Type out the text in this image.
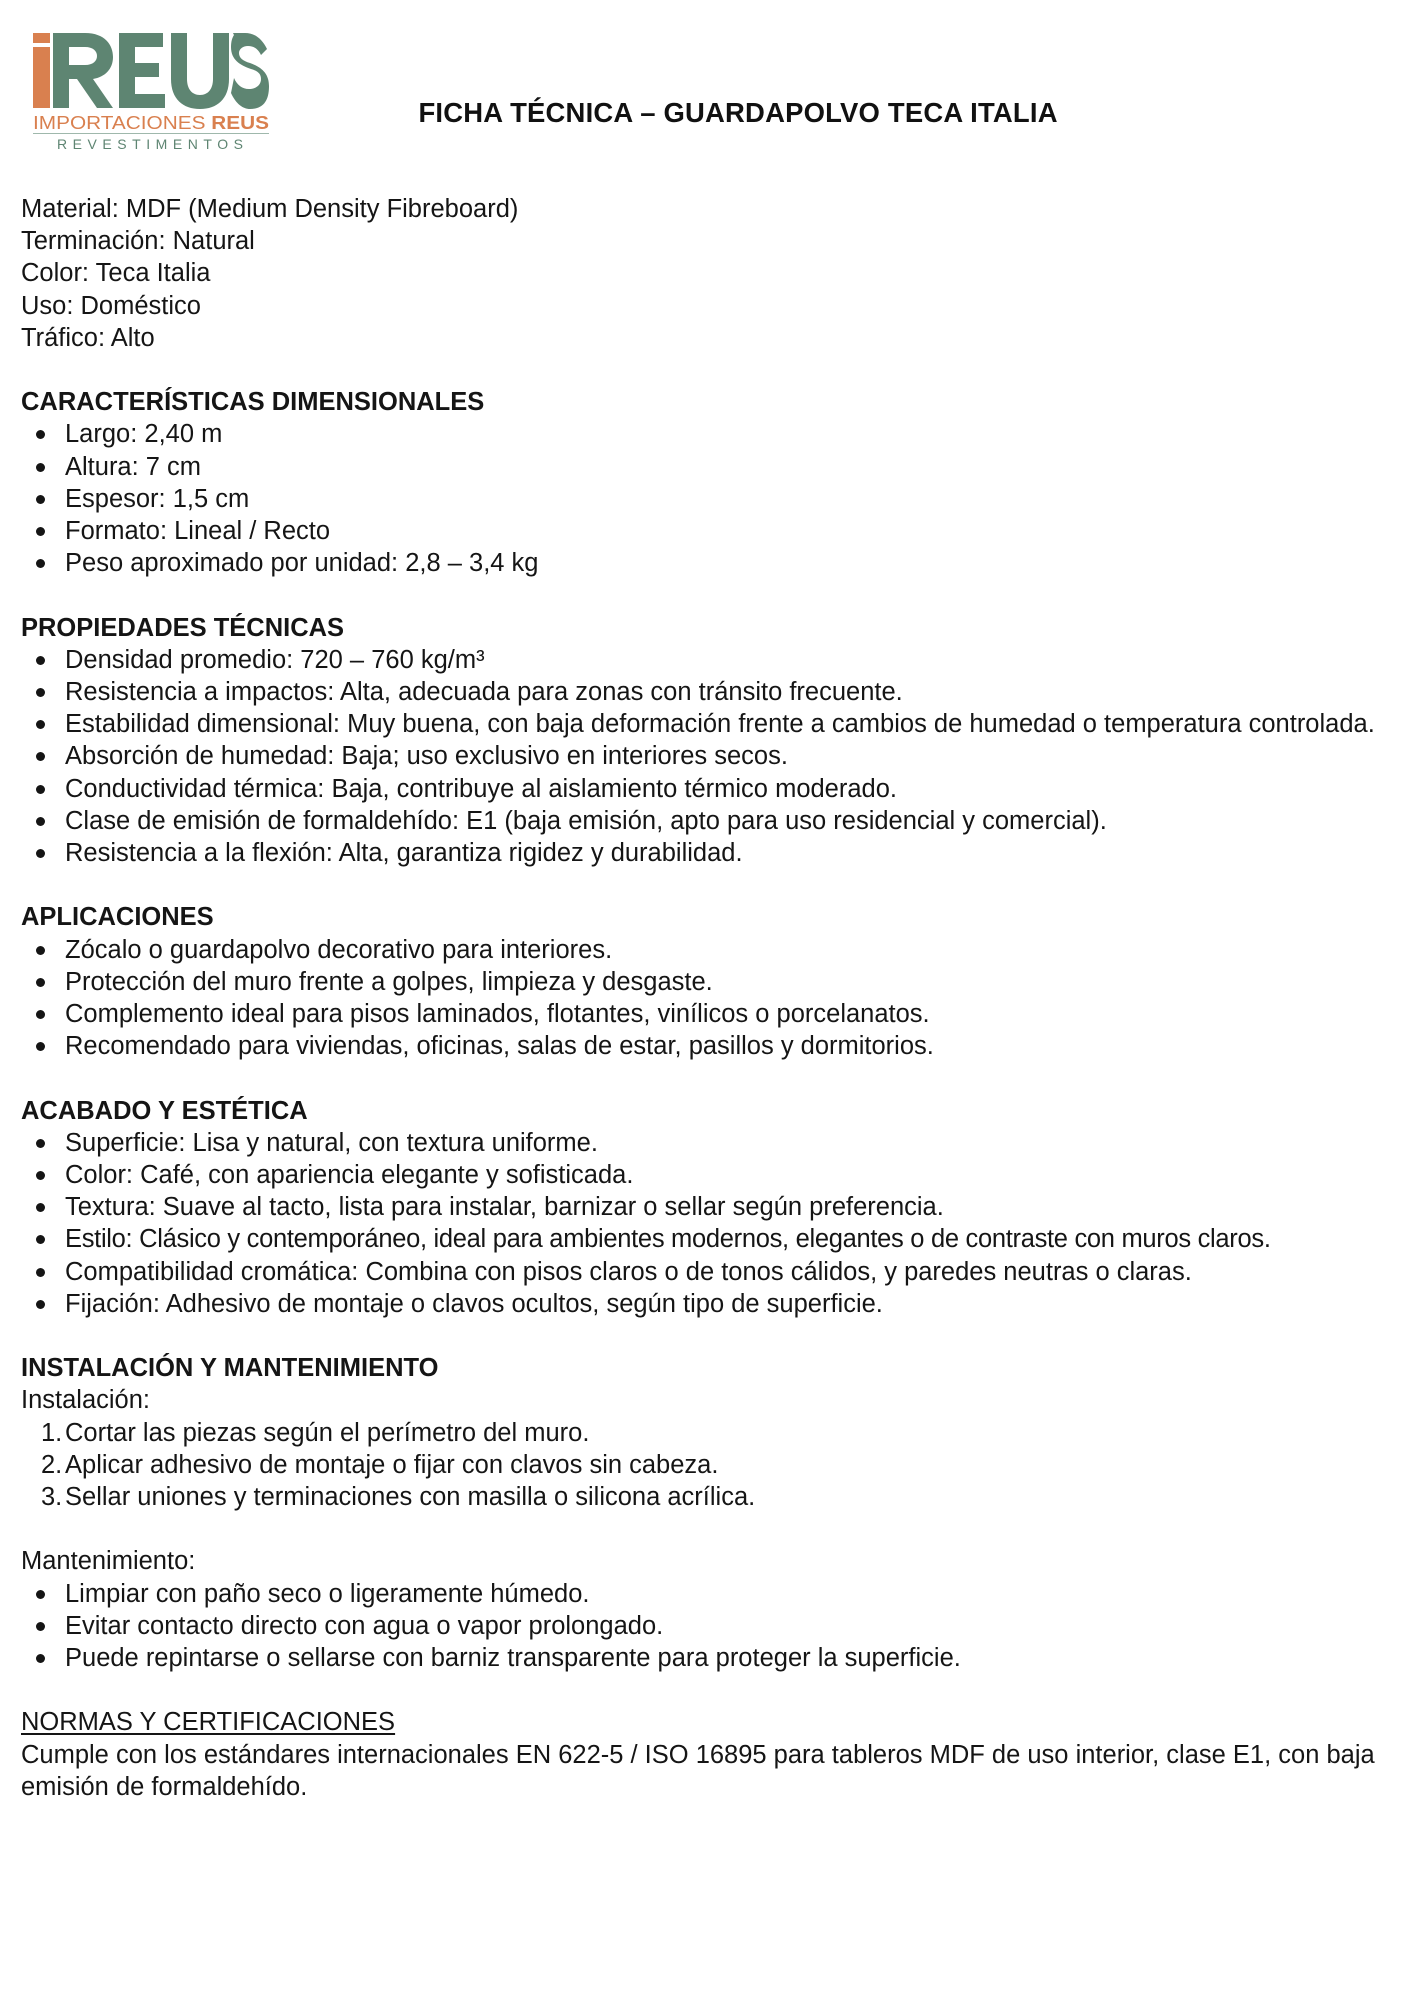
IMPORTACIONES REUS
REVESTIMENTOS
FICHA TÉCNICA – GUARDAPOLVO TECA ITALIA
Material: MDF (Medium Density Fibreboard)
Terminación: Natural
Color: Teca Italia
Uso: Doméstico
Tráfico: Alto
CARACTERÍSTICAS DIMENSIONALES
Largo: 2,40 m
Altura: 7 cm
Espesor: 1,5 cm
Formato: Lineal / Recto
Peso aproximado por unidad: 2,8 – 3,4 kg
PROPIEDADES TÉCNICAS
Densidad promedio: 720 – 760 kg/m³
Resistencia a impactos: Alta, adecuada para zonas con tránsito frecuente.
Estabilidad dimensional: Muy buena, con baja deformación frente a cambios de humedad o temperatura controlada.
Absorción de humedad: Baja; uso exclusivo en interiores secos.
Conductividad térmica: Baja, contribuye al aislamiento térmico moderado.
Clase de emisión de formaldehído: E1 (baja emisión, apto para uso residencial y comercial).
Resistencia a la flexión: Alta, garantiza rigidez y durabilidad.
APLICACIONES
Zócalo o guardapolvo decorativo para interiores.
Protección del muro frente a golpes, limpieza y desgaste.
Complemento ideal para pisos laminados, flotantes, vinílicos o porcelanatos.
Recomendado para viviendas, oficinas, salas de estar, pasillos y dormitorios.
ACABADO Y ESTÉTICA
Superficie: Lisa y natural, con textura uniforme.
Color: Café, con apariencia elegante y sofisticada.
Textura: Suave al tacto, lista para instalar, barnizar o sellar según preferencia.
Estilo: Clásico y contemporáneo, ideal para ambientes modernos, elegantes o de contraste con muros claros.
Compatibilidad cromática: Combina con pisos claros o de tonos cálidos, y paredes neutras o claras.
Fijación: Adhesivo de montaje o clavos ocultos, según tipo de superficie.
INSTALACIÓN Y MANTENIMIENTO
Instalación:
1. Cortar las piezas según el perímetro del muro.
2. Aplicar adhesivo de montaje o fijar con clavos sin cabeza.
3. Sellar uniones y terminaciones con masilla o silicona acrílica.
Mantenimiento:
Limpiar con paño seco o ligeramente húmedo.
Evitar contacto directo con agua o vapor prolongado.
Puede repintarse o sellarse con barniz transparente para proteger la superficie.
NORMAS Y CERTIFICACIONES
Cumple con los estándares internacionales EN 622-5 / ISO 16895 para tableros MDF de uso interior, clase E1, con baja emisión de formaldehído.
